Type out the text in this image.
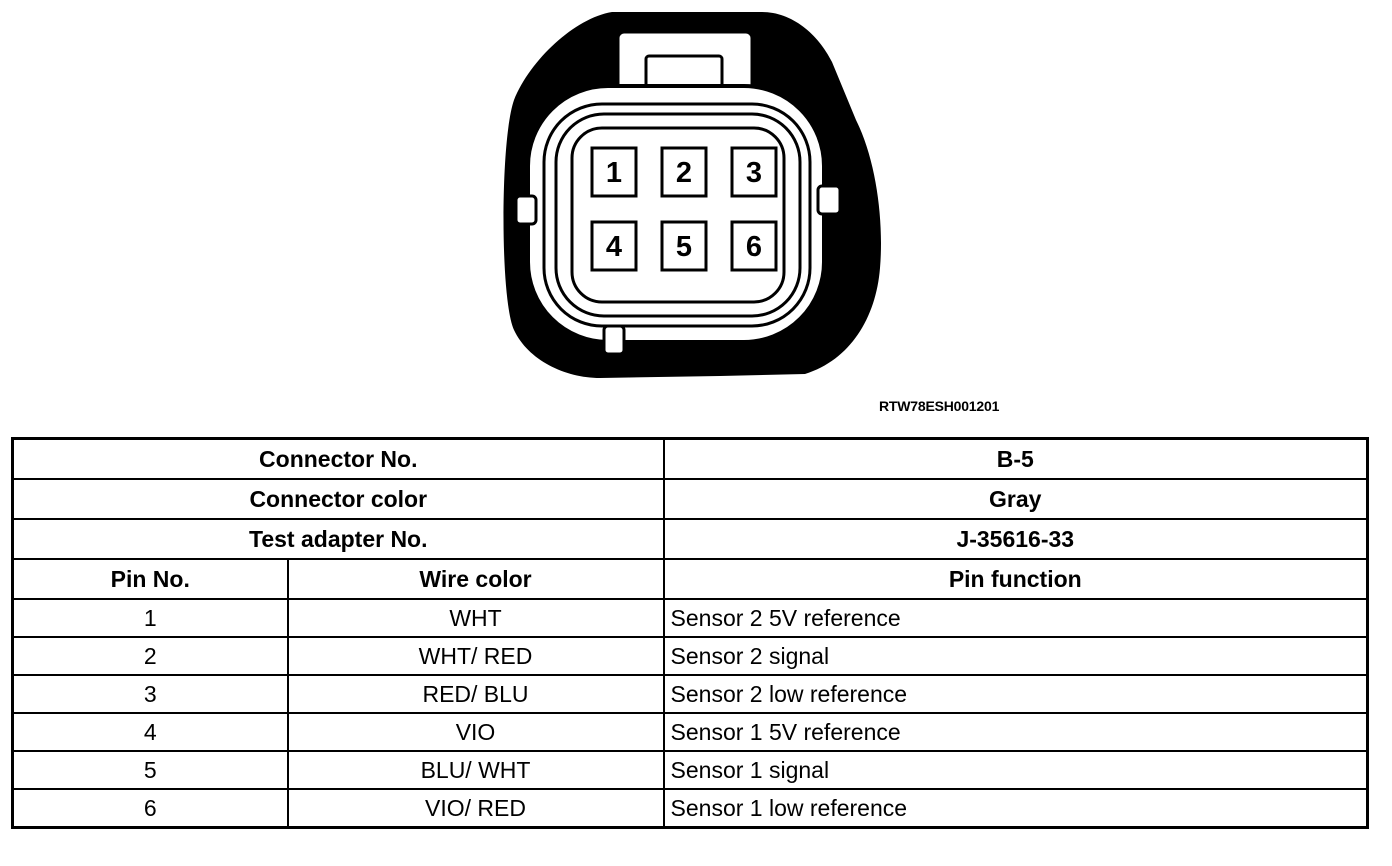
1 2 3
4 5 6
RTW78ESH001201
Connector No.		B-5
Connector color		Gray
Test adapter No.		J-35616-33
Pin No.	Wire color	Pin function
1	WHT	Sensor 2 5V reference
2	WHT/ RED	Sensor 2 signal
3	RED/ BLU	Sensor 2 low reference
4	VIO	Sensor 1 5V reference
5	BLU/ WHT	Sensor 1 signal
6	VIO/ RED	Sensor 1 low reference
